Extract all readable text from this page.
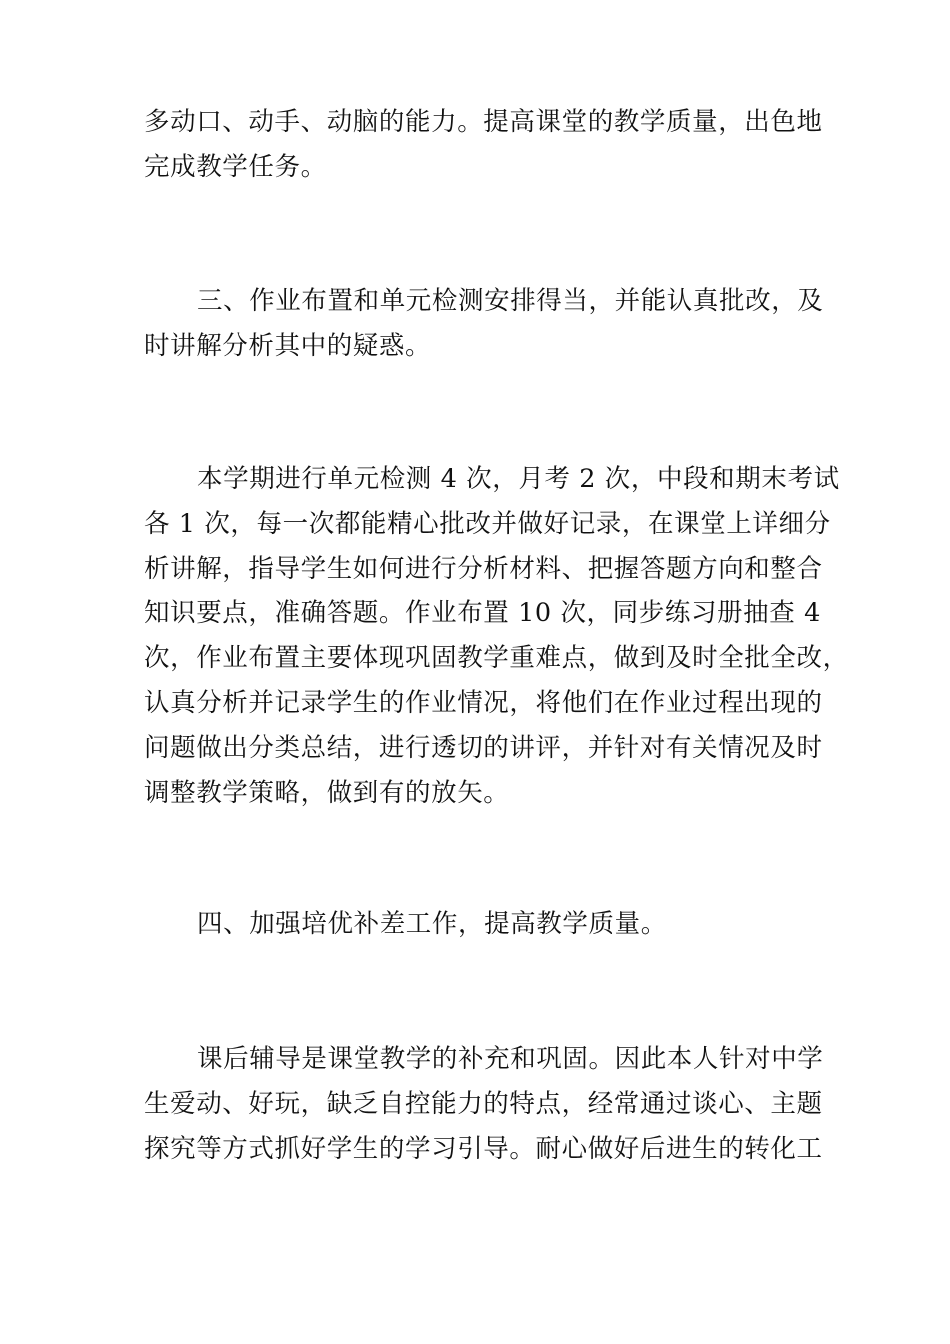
多动口、动手、动脑的能力。提高课堂的教学质量，出色地
完成教学任务。

三、作业布置和单元检测安排得当，并能认真批改，及
时讲解分析其中的疑惑。

本学期进行单元检测 4 次，月考 2 次，中段和期末考试
各 1 次，每一次都能精心批改并做好记录，在课堂上详细分
析讲解，指导学生如何进行分析材料、把握答题方向和整合
知识要点，准确答题。作业布置 10 次，同步练习册抽查 4
次，作业布置主要体现巩固教学重难点，做到及时全批全改，
认真分析并记录学生的作业情况，将他们在作业过程出现的
问题做出分类总结，进行透切的讲评，并针对有关情况及时
调整教学策略，做到有的放矢。

四、加强培优补差工作，提高教学质量。

课后辅导是课堂教学的补充和巩固。因此本人针对中学
生爱动、好玩，缺乏自控能力的特点，经常通过谈心、主题
探究等方式抓好学生的学习引导。耐心做好后进生的转化工
